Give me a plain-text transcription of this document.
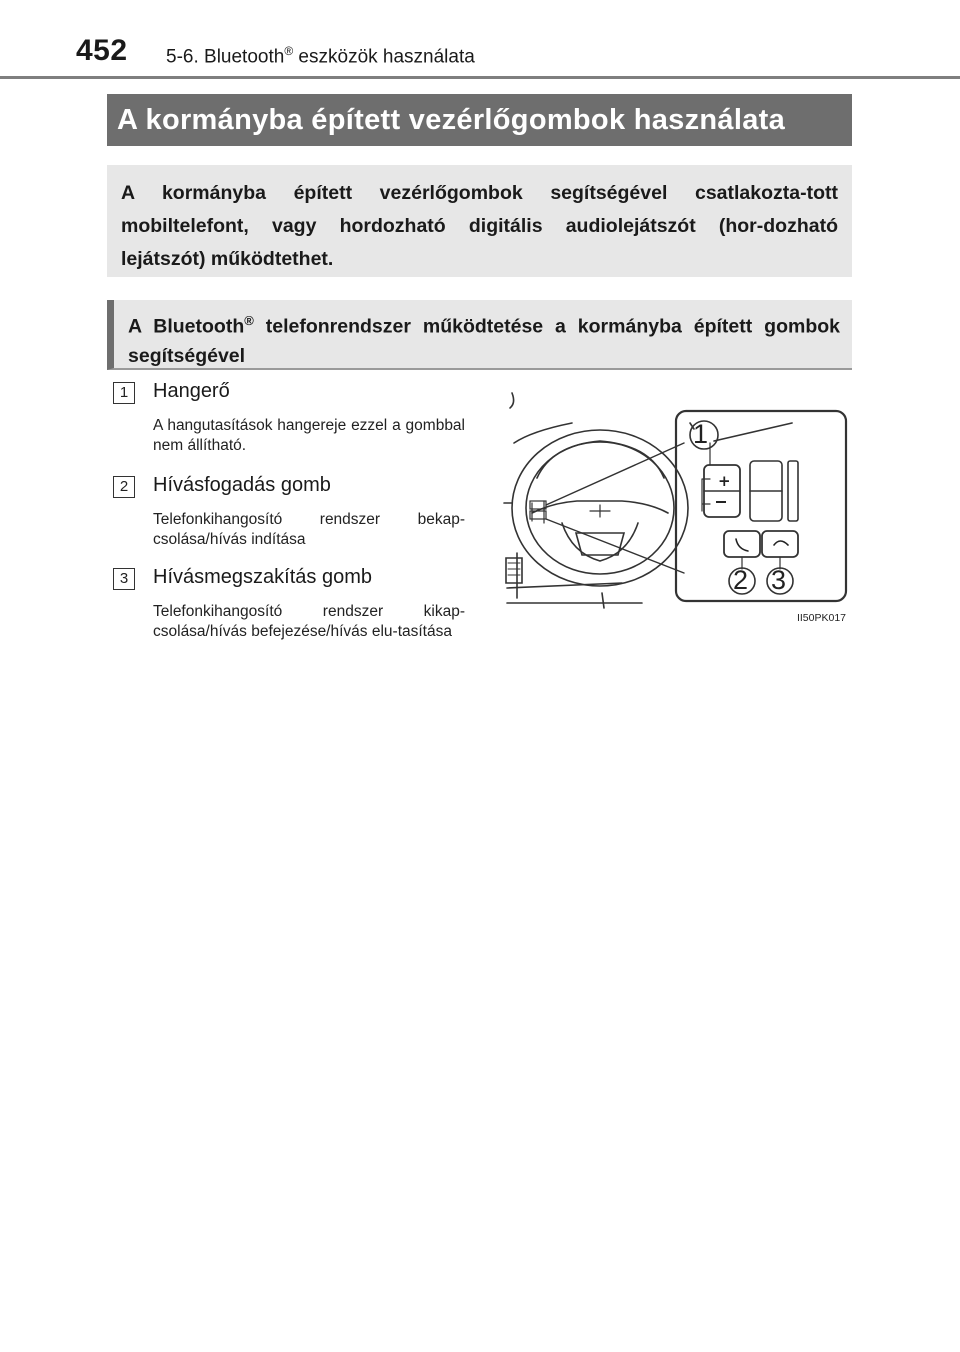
452 5-6. Bluetooth® eszközök használata
A kormányba épített vezérlőgombok használata
A kormányba épített vezérlőgombok segítségével csatlakozta-tott mobiltelefont, vagy hordozható digitális audiolejátszót (hor-dozható lejátszót) működtethet.
A Bluetooth® telefonrendszer működtetése a kormányba épített gombok segítségével
1	Hangerő
A hangutasítások hangereje ezzel a gombbal nem állítható.
2	Hívásfogadás gomb
Telefonkihangosító rendszer bekap-csolása/hívás indítása
3	Hívásmegszakítás gomb
Telefonkihangosító rendszer kikap-csolása/hívás befejezése/hívás elu-tasítása
+
1
2 3
II50PK017
